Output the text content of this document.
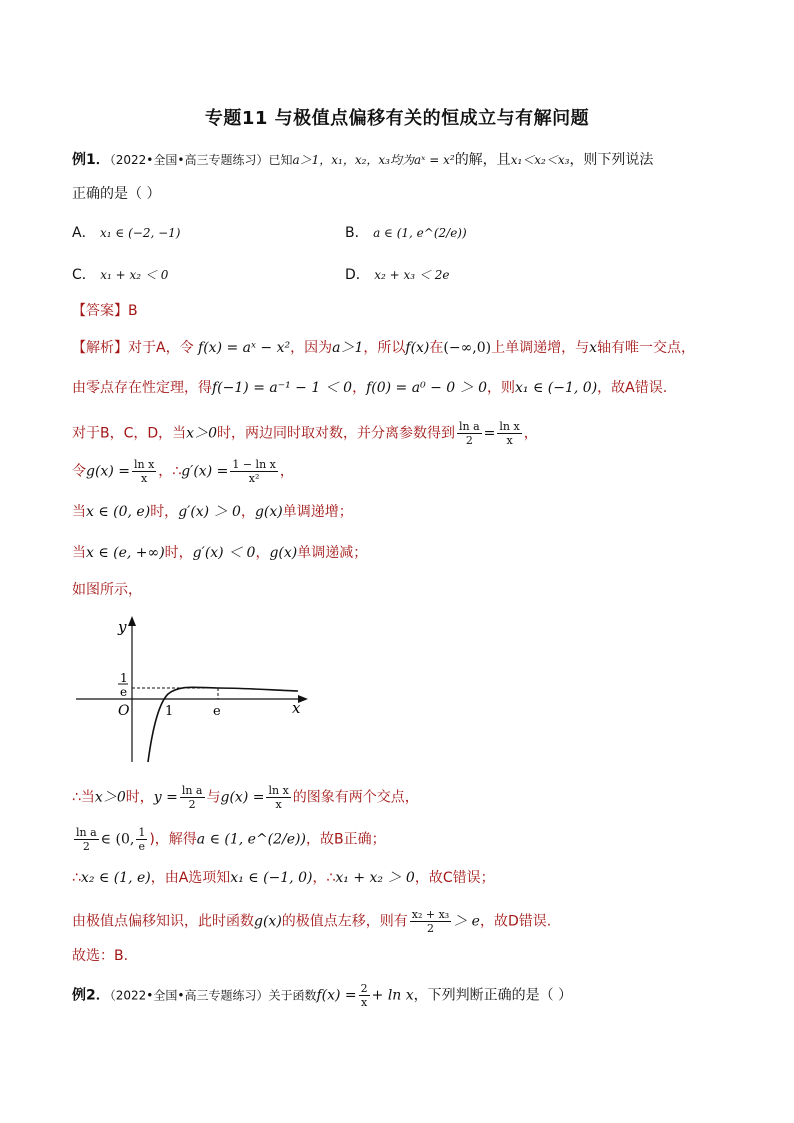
专题11 与极值点偏移有关的恒成立与有解问题
例1．（2022•全国•高三专题练习）已知a＞1，x₁，x₂，x₃均为aˣ = x²的解，且x₁＜x₂＜x₃，则下列说法
正确的是（ ）
A． x₁ ∈ (−2, −1)	B． a ∈ (1, e^(2/e))
C． x₁ + x₂ ＜ 0	D． x₂ + x₃ ＜ 2e
【答案】B
【解析】对于A，令 f(x) = aˣ − x²，因为a＞1，所以f(x)在(−∞,0)上单调递增，与x轴有唯一交点，
由零点存在性定理，得f(−1) = a⁻¹ − 1 ＜ 0，f(0) = a⁰ − 0 ＞ 0，则x₁ ∈ (−1, 0)，故A错误.
对于B，C，D，当x＞0时，两边同时取对数，并分离参数得到 $\frac{\text{ln a}}{2} = \frac{\text{ln x}}{x}$ ，
令$g(x) = \frac{\text{ln x}}{x}$ ，∴g′(x) = $\frac{\text{1 − ln x}}{\text{x²}}$ ，
当x ∈ (0, e)时，g′(x) ＞ 0，g(x)单调递增；
当x ∈ (e, +∞)时，g′(x) ＜ 0，g(x)单调递减；
如图所示，
y
x
O	1	e
1
e
∴当x＞0时，$y = \frac{\text{ln a}}{2}$ 与$g(x) = \frac{\text{ln x}}{x}$ 的图象有两个交点，
$\frac{\text{ln a}}{2}$ ∈ (0, $\frac{1}{e}$ )，解得a ∈ (1, e^(2/e))，故B正确；
∴x₂ ∈ (1, e)，由A选项知x₁ ∈ (−1, 0)，∴x₁ + x₂ ＞ 0，故C错误；
由极值点偏移知识，此时函数g(x)的极值点左移，则有 $\frac{\text{x₂ + x₃}}{2} > e$，故D错误.
故选：B.
例2．（2022•全国•高三专题练习）关于函数$f(x) = \frac{2}{x} + \ln x$，下列判断正确的是（ ）
